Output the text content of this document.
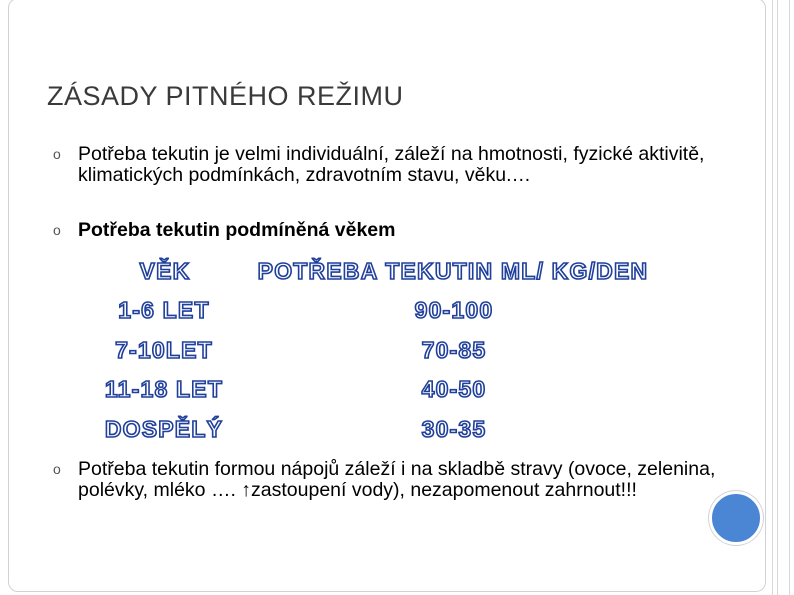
ZÁSADY PITNÉHO REŽIMU
o Potřeba tekutin je velmi individuální, záleží na hmotnosti, fyzické aktivitě, klimatických podmínkách, zdravotním stavu, věku.…
o Potřeba tekutin podmíněná věkem
VĚK	POTŘEBA TEKUTIN ML/ KG/DEN
1-6 LET	90-100
7-10LET	70-85
11-18 LET	40-50
DOSPĚLÝ	30-35
o Potřeba tekutin formou nápojů záleží i na skladbě stravy (ovoce, zelenina, polévky, mléko …. ↑zastoupení vody), nezapomenout zahrnout!!!
